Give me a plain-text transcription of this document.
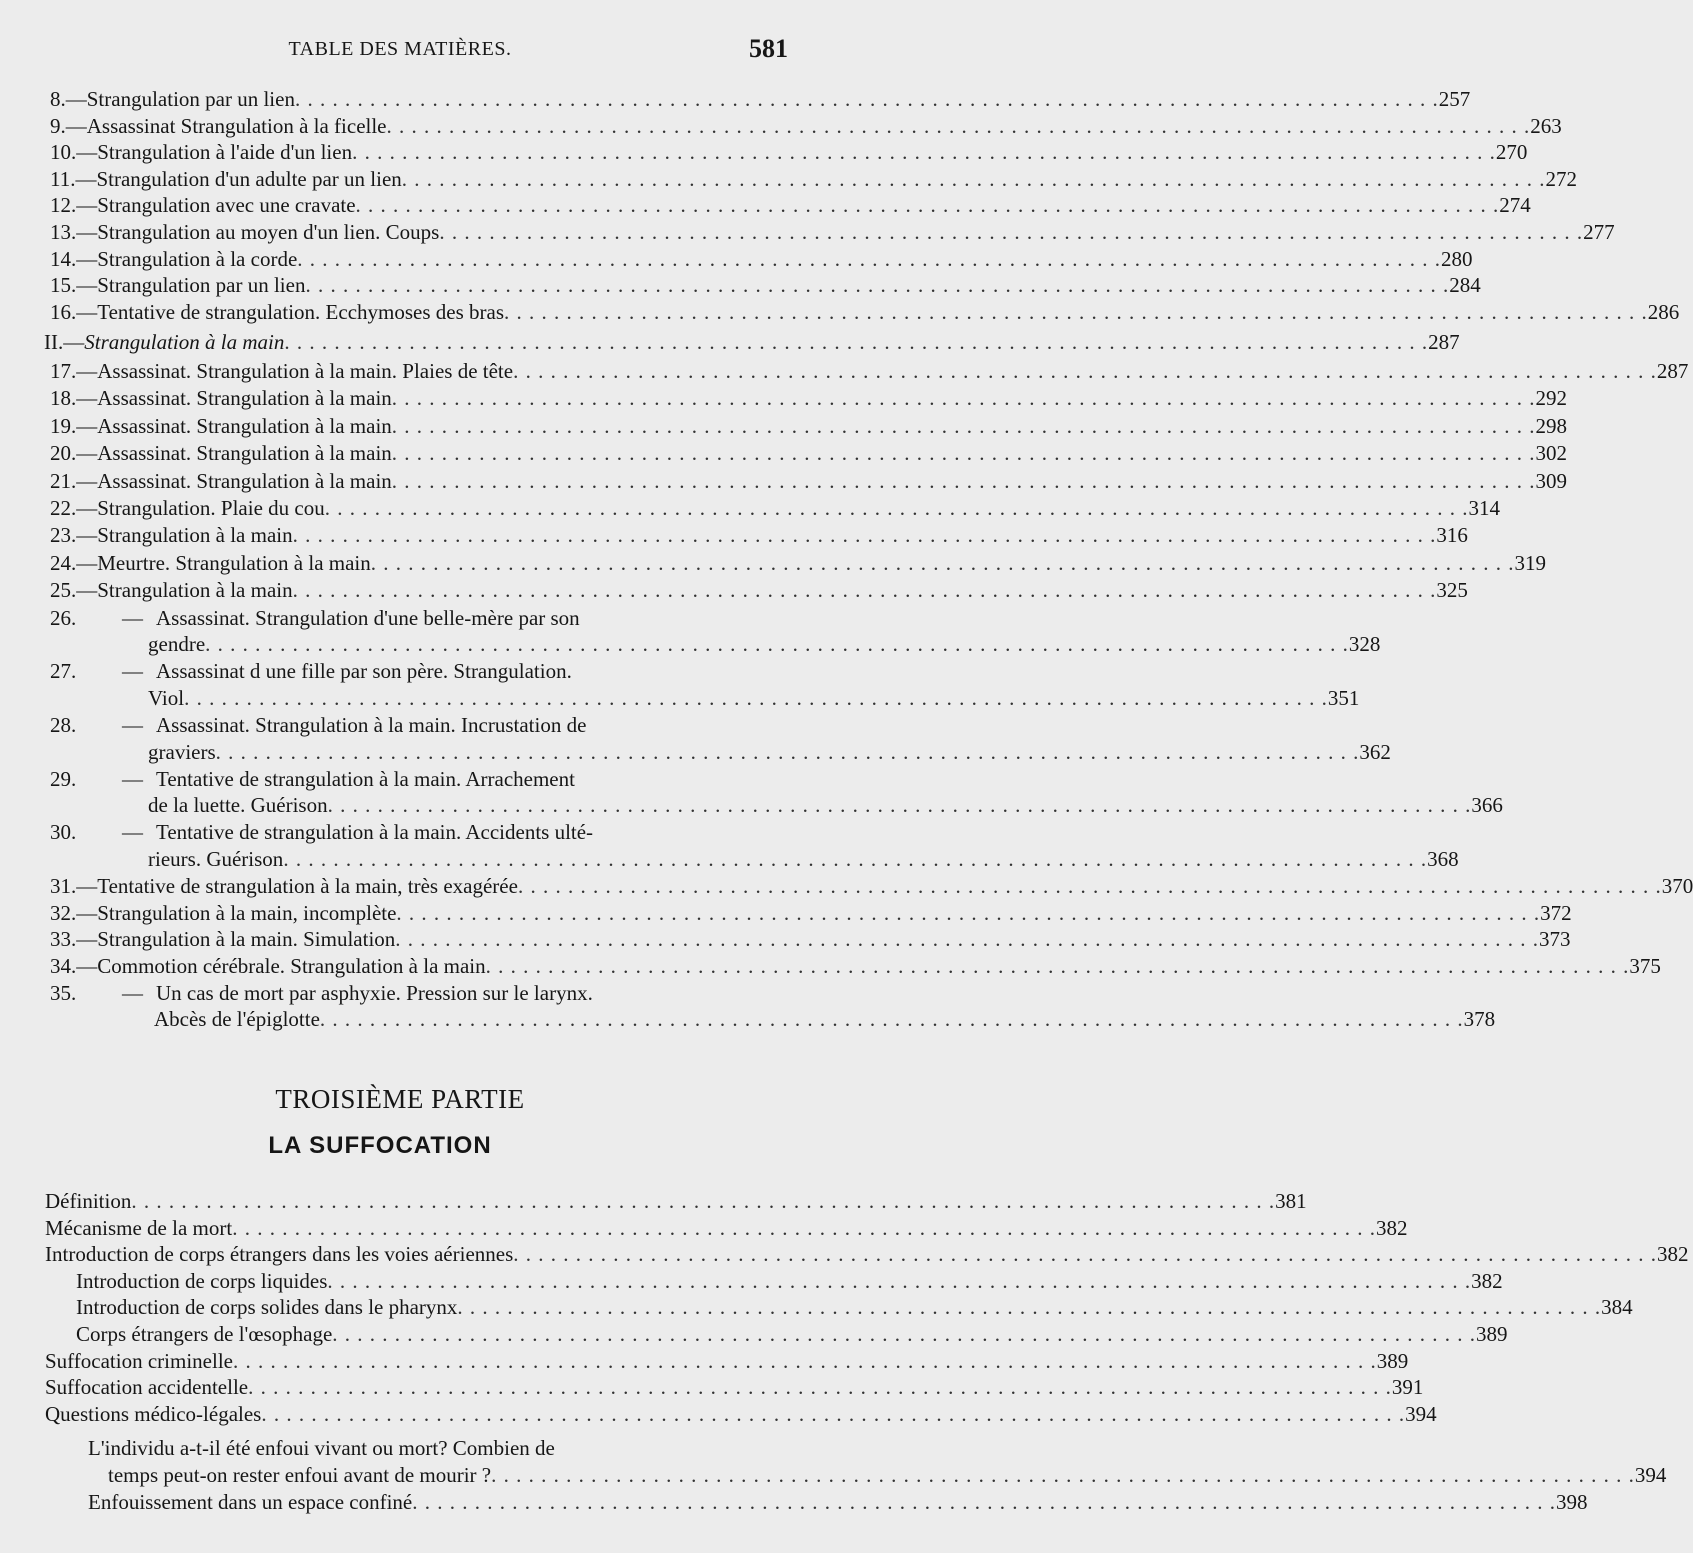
TABLE DES MATIÈRES.	581
8. — Strangulation par un lien . . .	257
9. — Assassinat Strangulation à la ficelle . . .	263
10. — Strangulation à l'aide d'un lien . . .	270
11. — Strangulation d'un adulte par un lien . . .	272
12. — Strangulation avec une cravate . . .	274
13. — Strangulation au moyen d'un lien. Coups . . .	277
14. — Strangulation à la corde . . .	280
15. — Strangulation par un lien . . .	284
16. — Tentative de strangulation. Ecchymoses des bras . . .	286
II. — Strangulation à la main . . .	287
17. — Assassinat. Strangulation à la main. Plaies de tête . . .	287
18. — Assassinat. Strangulation à la main . . .	292
19. — Assassinat. Strangulation à la main . . .	298
20. — Assassinat. Strangulation à la main . . .	302
21. — Assassinat. Strangulation à la main . . .	309
22. — Strangulation. Plaie du cou . . .	314
23. — Strangulation à la main . . .	316
24. — Meurtre. Strangulation à la main . . .	319
25. — Strangulation à la main . . .	325
26.	— Assassinat. Strangulation d'une belle-mère par son
gendre . . .	328
27.	— Assassinat d une fille par son père. Strangulation.
Viol . . .	351
28.	— Assassinat. Strangulation à la main. Incrustation de
graviers . . .	362
29.	— Tentative de strangulation à la main. Arrachement
de la luette. Guérison . . .	366
30.	— Tentative de strangulation à la main. Accidents ulté-
rieurs. Guérison . . .	368
31. — Tentative de strangulation à la main, très exagérée . . .	370
32. — Strangulation à la main, incomplète . . .	372
33. — Strangulation à la main. Simulation . . .	373
34. — Commotion cérébrale. Strangulation à la main . . .	375
35.	— Un cas de mort par asphyxie. Pression sur le larynx.
Abcès de l'épiglotte . . .	378
Définition . . .	381
Mécanisme de la mort . . .	382
Introduction de corps étrangers dans les voies aériennes . . .	382
Introduction de corps liquides . . .	382
Introduction de corps solides dans le pharynx . . .	384
Corps étrangers de l'œsophage . . .	389
Suffocation criminelle . . .	389
Suffocation accidentelle . . .	391
Questions médico-légales . . .	394
L'individu a-t-il été enfoui vivant ou mort? Combien de
temps peut-on rester enfoui avant de mourir ? . . .	394
Enfouissement dans un espace confiné . . .	398
TROISIÈME PARTIE
LA SUFFOCATION
